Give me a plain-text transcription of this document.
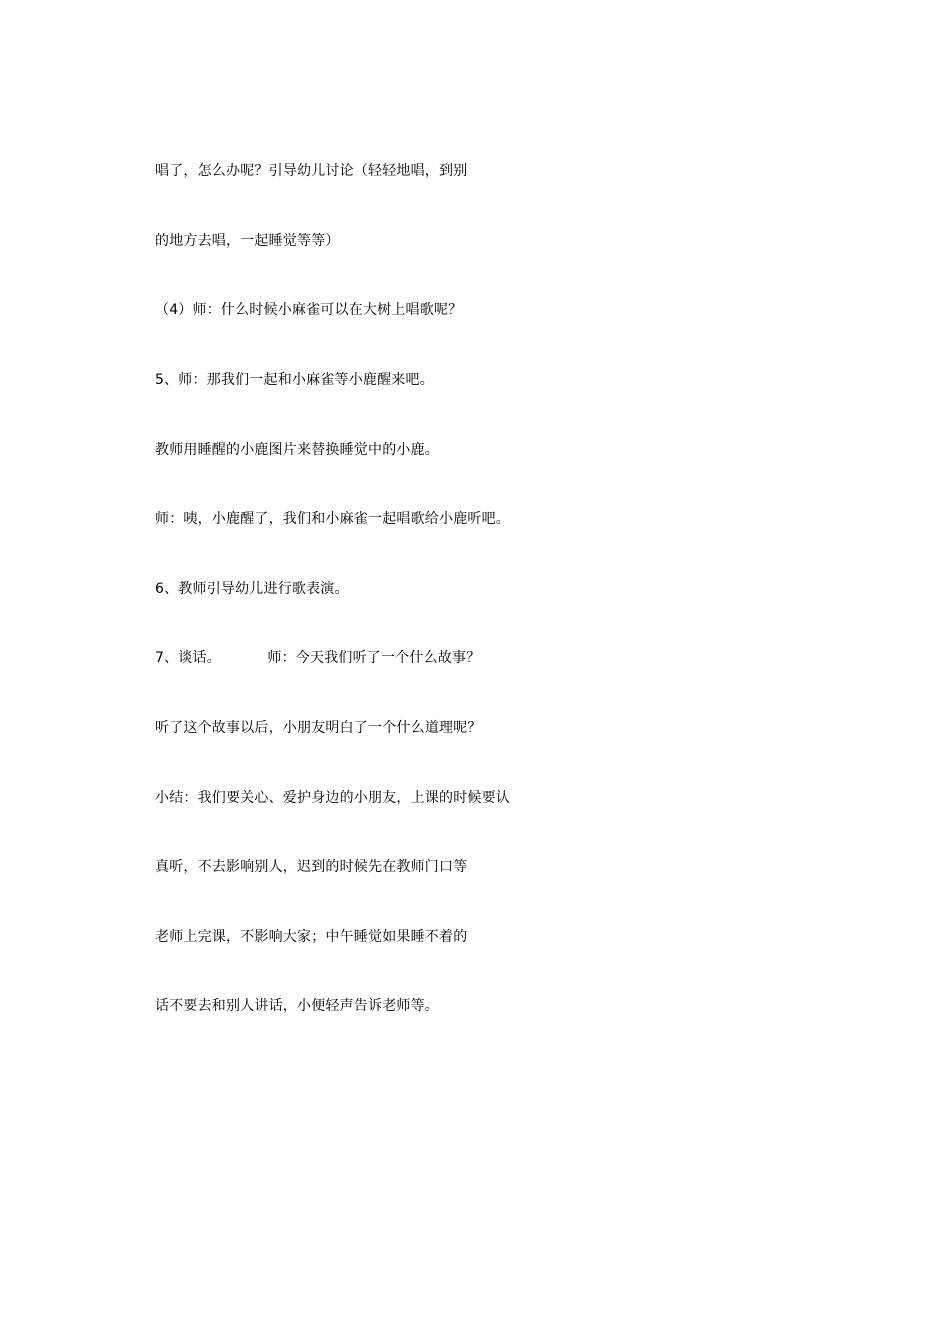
唱了，怎么办呢？引导幼儿讨论（轻轻地唱，到别
的地方去唱，一起睡觉等等）
（4）师：什么时候小麻雀可以在大树上唱歌呢？
5、师：那我们一起和小麻雀等小鹿醒来吧。
教师用睡醒的小鹿图片来替换睡觉中的小鹿。
师：咦，小鹿醒了，我们和小麻雀一起唱歌给小鹿听吧。
6、教师引导幼儿进行歌表演。
7、谈话。          师：今天我们听了一个什么故事？
听了这个故事以后，小朋友明白了一个什么道理呢？
小结：我们要关心、爱护身边的小朋友，上课的时候要认
真听，不去影响别人，迟到的时候先在教师门口等
老师上完课，不影响大家；中午睡觉如果睡不着的
话不要去和别人讲话，小便轻声告诉老师等。
